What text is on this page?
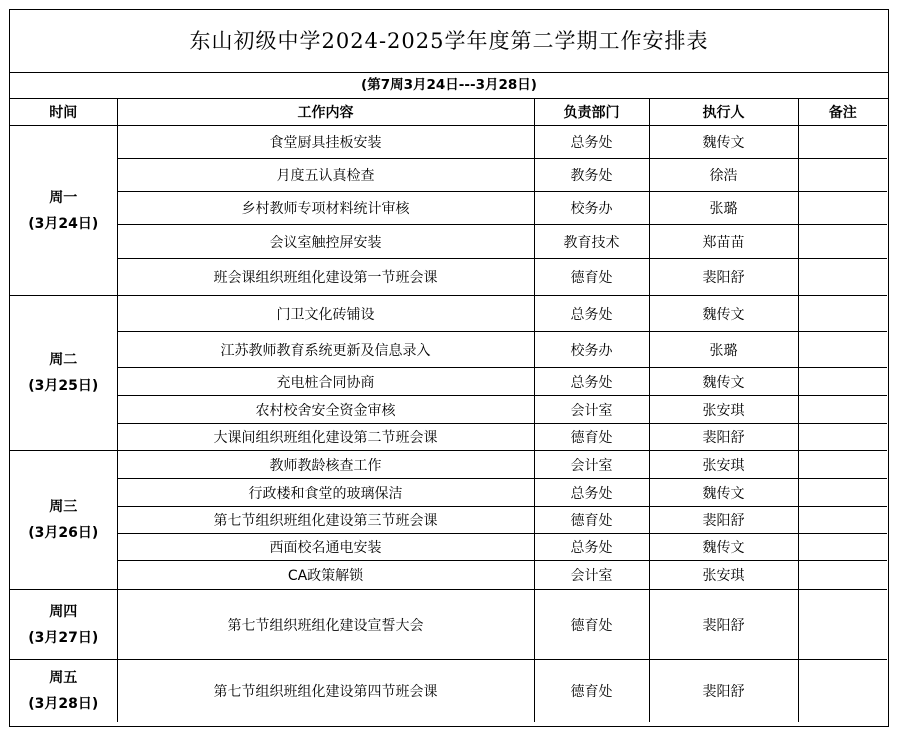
东山初级中学2024-2025学年度第二学期工作安排表
(第7周3月24日---3月28日)
时间	工作内容	负责部门	执行人	备注

周一
(3月24日)	食堂厨具挂板安装	总务处	魏传文	
	月度五认真检查	教务处	徐浩	
	乡村教师专项材料统计审核	校务办	张璐	
	会议室触控屏安装	教育技术	郑苗苗	
	班会课组织班组化建设第一节班会课	德育处	裴阳舒	

周二
(3月25日)	门卫文化砖铺设	总务处	魏传文	
	江苏教师教育系统更新及信息录入	校务办	张璐	
	充电桩合同协商	总务处	魏传文	
	农村校舍安全资金审核	会计室	张安琪	
	大课间组织班组化建设第二节班会课	德育处	裴阳舒	

周三
(3月26日)	教师教龄核查工作	会计室	张安琪	
	行政楼和食堂的玻璃保洁	总务处	魏传文	
	第七节组织班组化建设第三节班会课	德育处	裴阳舒	
	西面校名通电安装	总务处	魏传文	
	CA政策解锁	会计室	张安琪	

周四
(3月27日)	第七节组织班组化建设宣誓大会	德育处	裴阳舒	

周五
(3月28日)	第七节组织班组化建设第四节班会课	德育处	裴阳舒	
